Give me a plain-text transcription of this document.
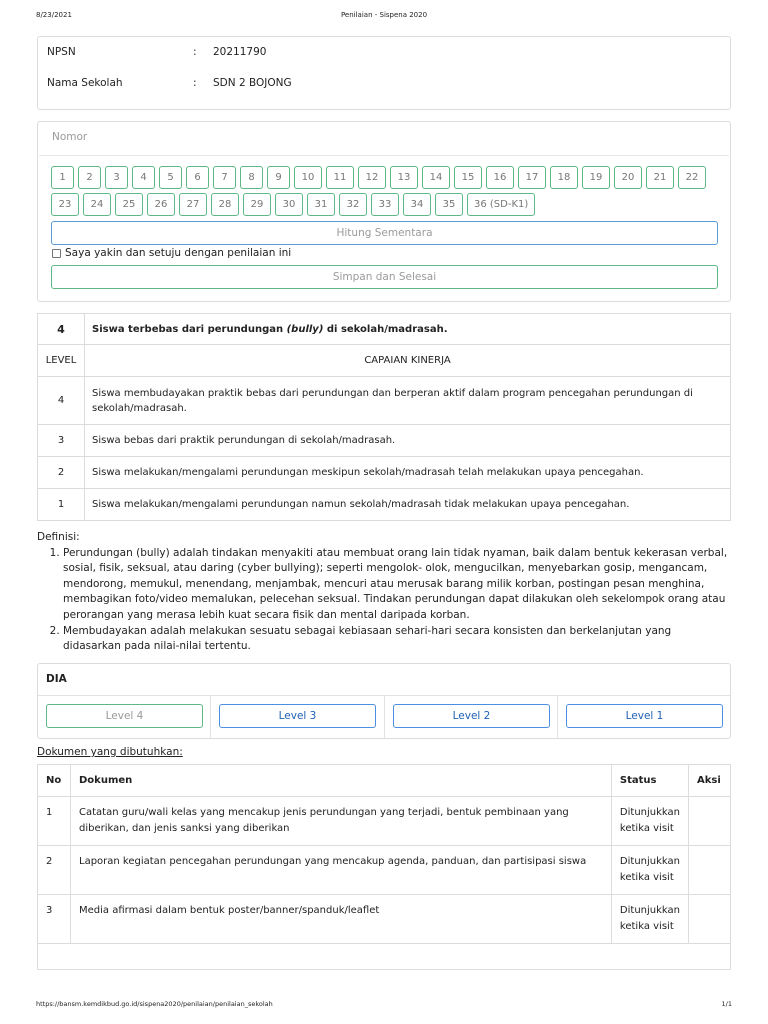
8/23/2021	Penilaian - Sispena 2020
NPSN	: 20211790
Nama Sekolah	: SDN 2 BOJONG
Nomor
1	2	3	4	5	6	7	8	9	10	11	12	13	14	15	16	17	18	19	20	21	22
23	24	25	26	27	28	29	30	31	32	33	34	35	36 (SD-K1)
Hitung Sementara
Saya yakin dan setuju dengan penilaian ini
Simpan dan Selesai
4	Siswa terbebas dari perundungan (bully) di sekolah/madrasah.
LEVEL	CAPAIAN KINERJA
4	Siswa membudayakan praktik bebas dari perundungan dan berperan aktif dalam program pencegahan perundungan di sekolah/madrasah.
3	Siswa bebas dari praktik perundungan di sekolah/madrasah.
2	Siswa melakukan/mengalami perundungan meskipun sekolah/madrasah telah melakukan upaya pencegahan.
1	Siswa melakukan/mengalami perundungan namun sekolah/madrasah tidak melakukan upaya pencegahan.
Definisi:
1. Perundungan (bully) adalah tindakan menyakiti atau membuat orang lain tidak nyaman, baik dalam bentuk kekerasan verbal, sosial, fisik, seksual, atau daring (cyber bullying); seperti mengolok- olok, mengucilkan, menyebarkan gosip, mengancam, mendorong, memukul, menendang, menjambak, mencuri atau merusak barang milik korban, postingan pesan menghina, membagikan foto/video memalukan, pelecehan seksual. Tindakan perundungan dapat dilakukan oleh sekelompok orang atau perorangan yang merasa lebih kuat secara fisik dan mental daripada korban.
2. Membudayakan adalah melakukan sesuatu sebagai kebiasaan sehari-hari secara konsisten dan berkelanjutan yang didasarkan pada nilai-nilai tertentu.
DIA
Level 4	Level 3	Level 2	Level 1
Dokumen yang dibutuhkan:
No	Dokumen	Status	Aksi
1	Catatan guru/wali kelas yang mencakup jenis perundungan yang terjadi, bentuk pembinaan yang diberikan, dan jenis sanksi yang diberikan	Ditunjukkan ketika visit	
2	Laporan kegiatan pencegahan perundungan yang mencakup agenda, panduan, dan partisipasi siswa	Ditunjukkan ketika visit	
3	Media afirmasi dalam bentuk poster/banner/spanduk/leaflet	Ditunjukkan ketika visit	

https://bansm.kemdikbud.go.id/sispena2020/penilaian/penilaian_sekolah	1/1
